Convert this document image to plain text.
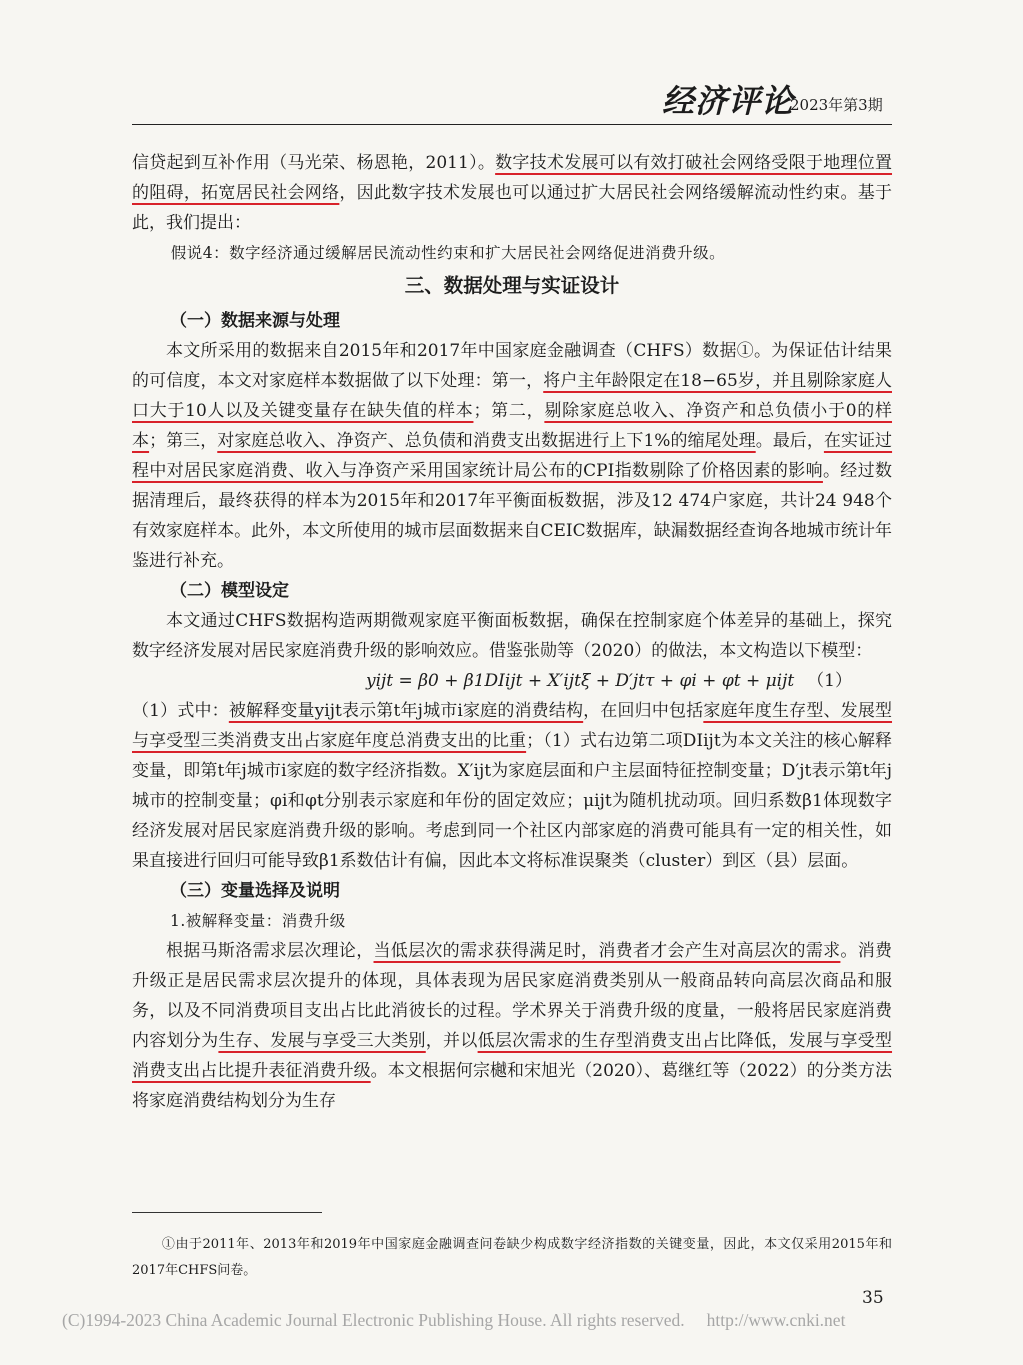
经济评论
2023年第3期

信贷起到互补作用（马光荣、杨恩艳，2011）。数字技术发展可以有效打破社会网络受限于地理位置的阻碍，拓宽居民社会网络，因此数字技术发展也可以通过扩大居民社会网络缓解流动性约束。基于此，我们提出：

假说4：数字经济通过缓解居民流动性约束和扩大居民社会网络促进消费升级。

三、数据处理与实证设计
（一）数据来源与处理

本文所采用的数据来自2015年和2017年中国家庭金融调查（CHFS）数据①。为保证估计结果的可信度，本文对家庭样本数据做了以下处理：第一，将户主年龄限定在18−65岁，并且剔除家庭人口大于10人以及关键变量存在缺失值的样本；第二，剔除家庭总收入、净资产和总负债小于0的样本；第三，对家庭总收入、净资产、总负债和消费支出数据进行上下1%的缩尾处理。最后，在实证过程中对居民家庭消费、收入与净资产采用国家统计局公布的CPI指数剔除了价格因素的影响。经过数据清理后，最终获得的样本为2015年和2017年平衡面板数据，涉及12 474户家庭，共计24 948个有效家庭样本。此外，本文所使用的城市层面数据来自CEIC数据库，缺漏数据经查询各地城市统计年鉴进行补充。

（二）模型设定

本文通过CHFS数据构造两期微观家庭平衡面板数据，确保在控制家庭个体差异的基础上，探究数字经济发展对居民家庭消费升级的影响效应。借鉴张勋等（2020）的做法，本文构造以下模型：

yijt = β0 + β1DIijt + X′ijtξ + D′jtτ + φi + φt + μijt （1）

（1）式中：被解释变量yijt表示第t年j城市i家庭的消费结构，在回归中包括家庭年度生存型、发展型与享受型三类消费支出占家庭年度总消费支出的比重；（1）式右边第二项DIijt为本文关注的核心解释变量，即第t年j城市i家庭的数字经济指数。X′ijt为家庭层面和户主层面特征控制变量；D′jt表示第t年j城市的控制变量；φi和φt分别表示家庭和年份的固定效应；μijt为随机扰动项。回归系数β1体现数字经济发展对居民家庭消费升级的影响。考虑到同一个社区内部家庭的消费可能具有一定的相关性，如果直接进行回归可能导致β1系数估计有偏，因此本文将标准误聚类（cluster）到区（县）层面。

（三）变量选择及说明

1.被解释变量：消费升级

根据马斯洛需求层次理论，当低层次的需求获得满足时，消费者才会产生对高层次的需求。消费升级正是居民需求层次提升的体现，具体表现为居民家庭消费类别从一般商品转向高层次商品和服务，以及不同消费项目支出占比此消彼长的过程。学术界关于消费升级的度量，一般将居民家庭消费内容划分为生存、发展与享受三大类别，并以低层次需求的生存型消费支出占比降低，发展与享受型消费支出占比提升表征消费升级。本文根据何宗樾和宋旭光（2020）、葛继红等（2022）的分类方法将家庭消费结构划分为生存

①由于2011年、2013年和2019年中国家庭金融调查问卷缺少构成数字经济指数的关键变量，因此，本文仅采用2015年和2017年CHFS问卷。

35
(C)1994-2023 China Academic Journal Electronic Publishing House. All rights reserved. http://www.cnki.net
